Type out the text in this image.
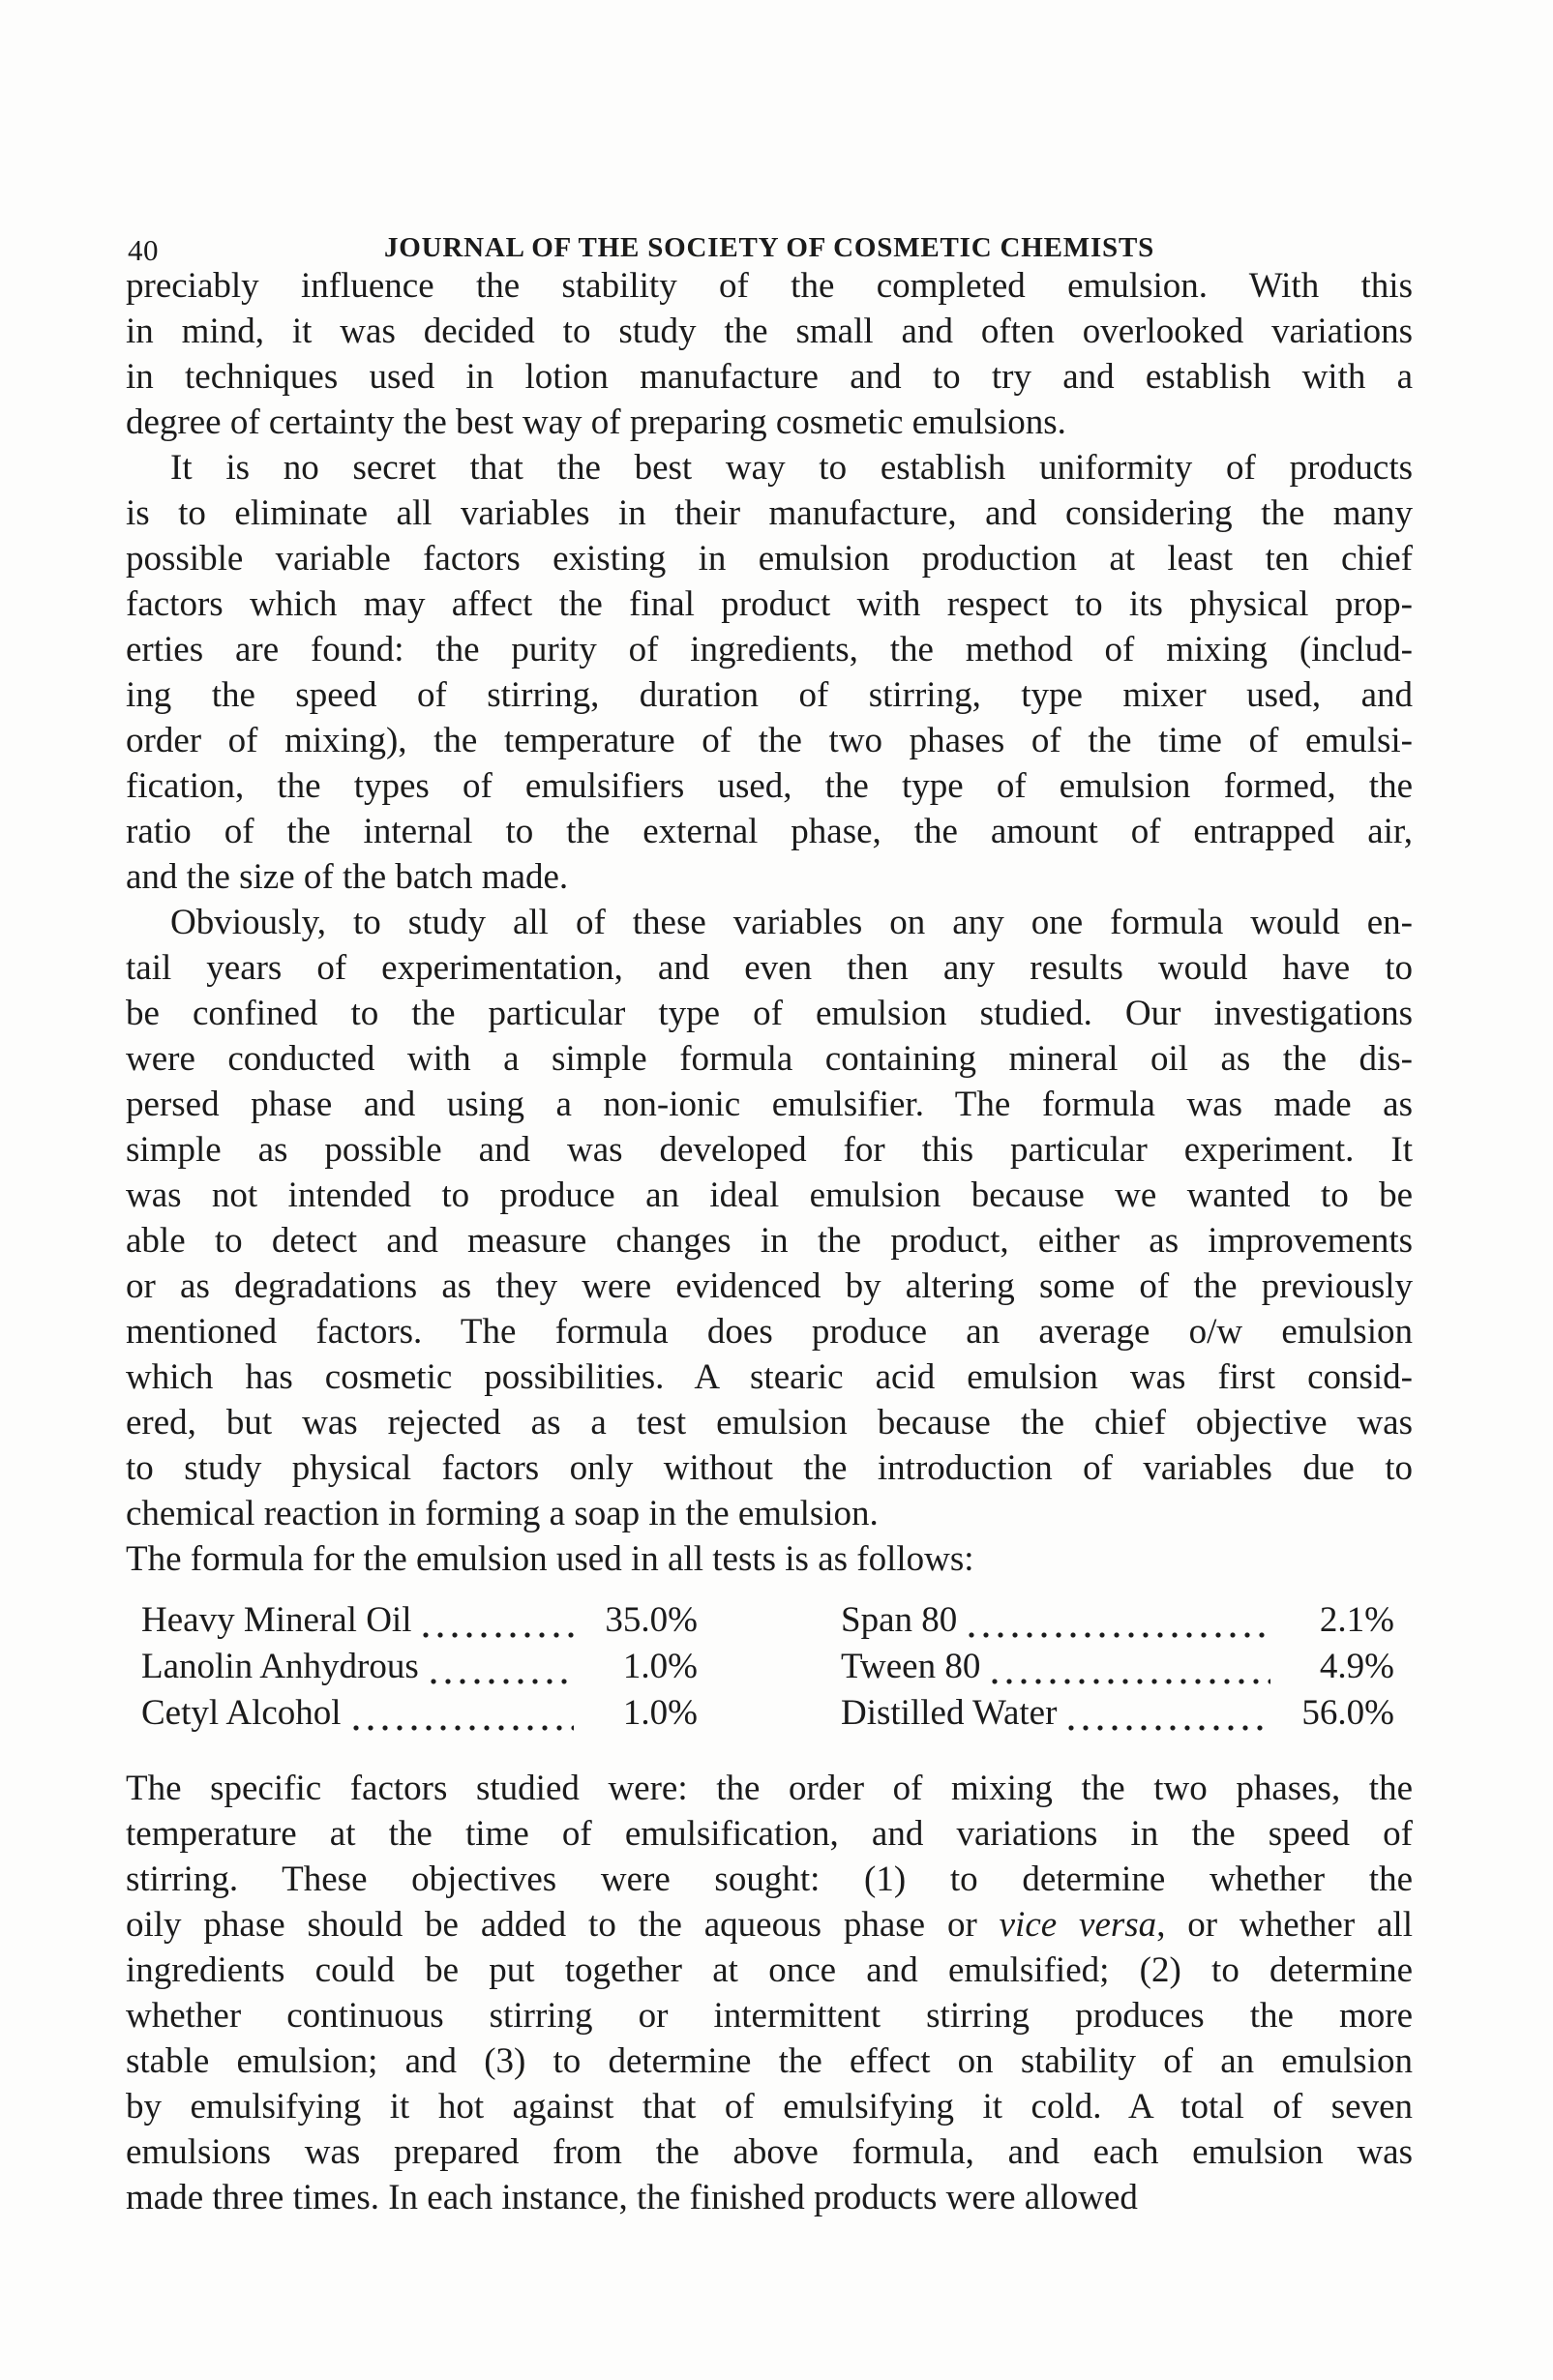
40	JOURNAL OF THE SOCIETY OF COSMETIC CHEMISTS
preciably influence the stability of the completed emulsion. With this
in mind, it was decided to study the small and often overlooked variations
in techniques used in lotion manufacture and to try and establish with a
degree of certainty the best way of preparing cosmetic emulsions.
It is no secret that the best way to establish uniformity of products
is to eliminate all variables in their manufacture, and considering the many
possible variable factors existing in emulsion production at least ten chief
factors which may affect the final product with respect to its physical prop-
erties are found: the purity of ingredients, the method of mixing (includ-
ing the speed of stirring, duration of stirring, type mixer used, and
order of mixing), the temperature of the two phases of the time of emulsi-
fication, the types of emulsifiers used, the type of emulsion formed, the
ratio of the internal to the external phase, the amount of entrapped air,
and the size of the batch made.
Obviously, to study all of these variables on any one formula would en-
tail years of experimentation, and even then any results would have to
be confined to the particular type of emulsion studied. Our investigations
were conducted with a simple formula containing mineral oil as the dis-
persed phase and using a non-ionic emulsifier. The formula was made as
simple as possible and was developed for this particular experiment. It
was not intended to produce an ideal emulsion because we wanted to be
able to detect and measure changes in the product, either as improvements
or as degradations as they were evidenced by altering some of the previously
mentioned factors. The formula does produce an average o/w emulsion
which has cosmetic possibilities. A stearic acid emulsion was first consid-
ered, but was rejected as a test emulsion because the chief objective was
to study physical factors only without the introduction of variables due to
chemical reaction in forming a soap in the emulsion.
The formula for the emulsion used in all tests is as follows:
Heavy Mineral Oil	35.0%
Lanolin Anhydrous	1.0%
Cetyl Alcohol	1.0%
Span 80	2.1%
Tween 80	4.9%
Distilled Water	56.0%
The specific factors studied were: the order of mixing the two phases, the
temperature at the time of emulsification, and variations in the speed of
stirring. These objectives were sought: (1) to determine whether the
oily phase should be added to the aqueous phase or vice versa, or whether all
ingredients could be put together at once and emulsified; (2) to determine
whether continuous stirring or intermittent stirring produces the more
stable emulsion; and (3) to determine the effect on stability of an emulsion
by emulsifying it hot against that of emulsifying it cold. A total of seven
emulsions was prepared from the above formula, and each emulsion was
made three times. In each instance, the finished products were allowed
